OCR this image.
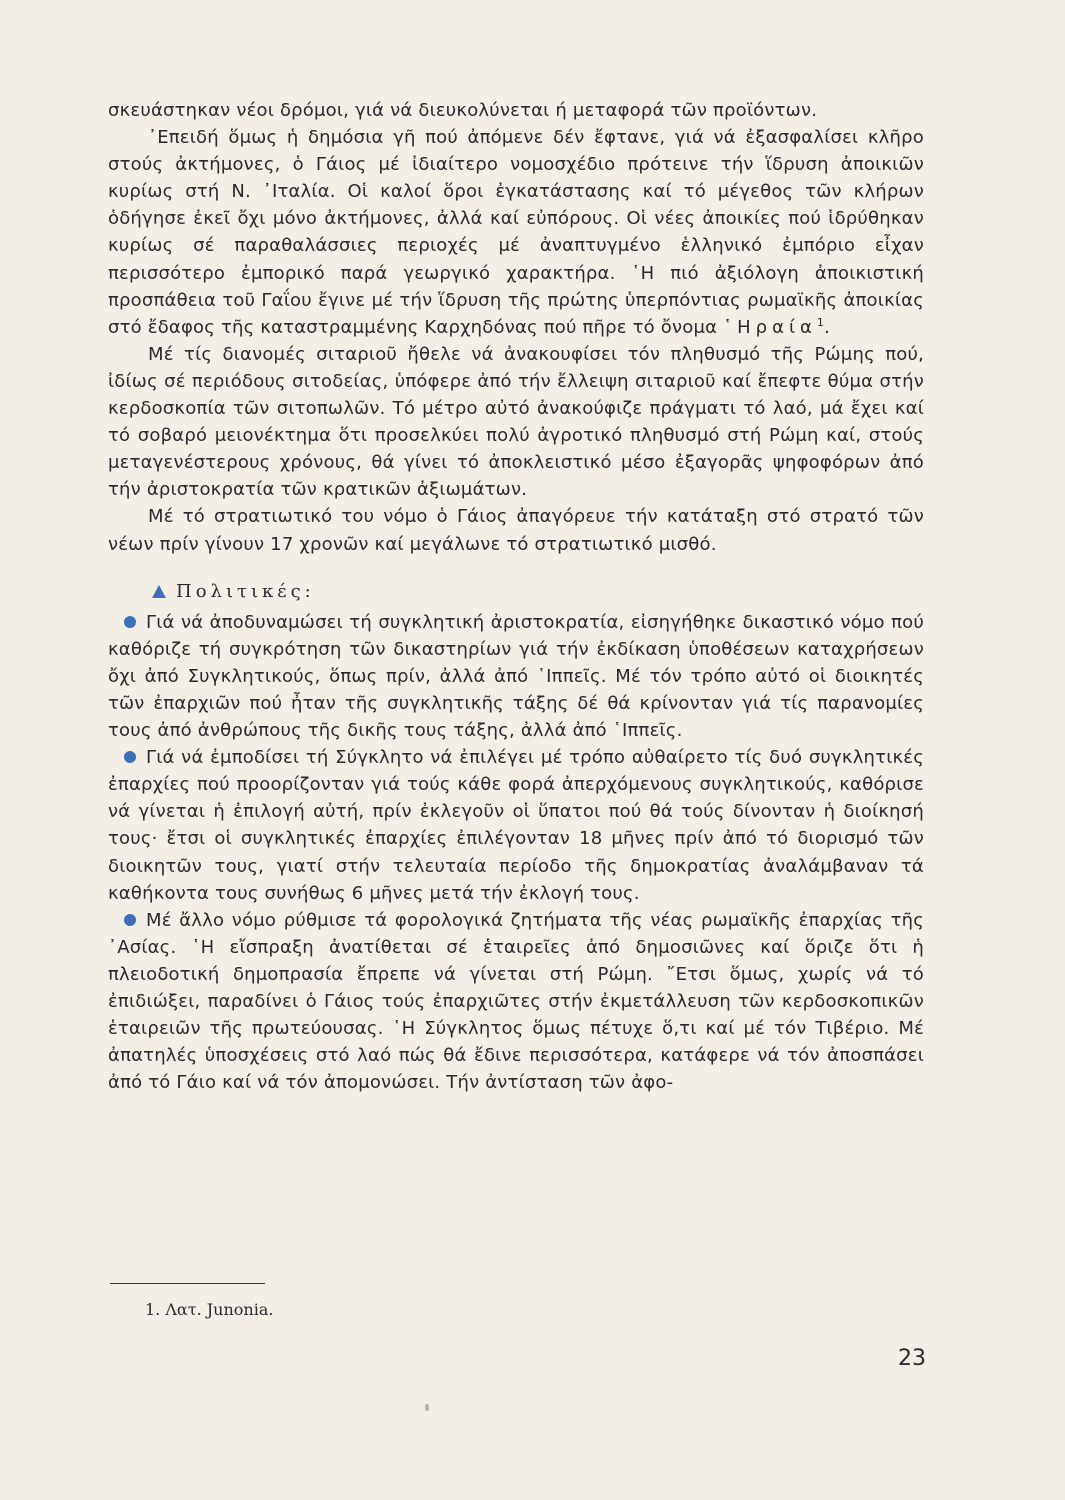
σκευάστηκαν νέοι δρόμοι, γιά νά διευκολύνεται ή μεταφορά τῶν προϊόντων.

᾿Επειδή ὅμως ἡ δημόσια γῆ πού ἀπόμενε δέν ἔφτανε, γιά νά ἐξασφαλίσει κλῆρο στούς ἀκτήμονες, ὁ Γάιος μέ ἰδιαίτερο νομοσχέδιο πρότεινε τήν ἵδρυση ἀποικιῶν κυρίως στή Ν. ᾿Ιταλία. Οἱ καλοί ὅροι ἐγκατάστασης καί τό μέγεθος τῶν κλήρων ὁδήγησε ἐκεῖ ὄχι μόνο ἀκτήμονες, ἀλλά καί εὐπόρους. Οἱ νέες ἀποικίες πού ἱδρύθηκαν κυρίως σέ παραθαλάσσιες περιοχές μέ ἀναπτυγμένο ἑλληνικό ἐμπόριο εἶχαν περισσότερο ἐμπορικό παρά γεωργικό χαρακτήρα. ῾Η πιό ἀξιόλογη ἀποικιστική προσπάθεια τοῦ Γαΐου ἔγινε μέ τήν ἵδρυση τῆς πρώτης ὑπερπόντιας ρωμαϊκῆς ἀποικίας στό ἔδαφος τῆς καταστραμμένης Καρχηδόνας πού πῆρε τό ὄνομα ῾Ηραία$^1$.

Μέ τίς διανομές σιταριοῦ ἤθελε νά ἀνακουφίσει τόν πληθυσμό τῆς Ρώμης πού, ἰδίως σέ περιόδους σιτοδείας, ὑπόφερε ἀπό τήν ἔλλειψη σιταριοῦ καί ἔπεφτε θύμα στήν κερδοσκοπία τῶν σιτοπωλῶν. Τό μέτρο αὐτό ἀνακούφιζε πράγματι τό λαό, μά ἔχει καί τό σοβαρό μειονέκτημα ὅτι προσελκύει πολύ ἀγροτικό πληθυσμό στή Ρώμη καί, στούς μεταγενέστερους χρόνους, θά γίνει τό ἀποκλειστικό μέσο ἐξαγορᾶς ψηφοφόρων ἀπό τήν ἀριστοκρατία τῶν κρατικῶν ἀξιωμάτων.

Μέ τό στρατιωτικό του νόμο ὁ Γάιος ἀπαγόρευε τήν κατάταξη στό στρατό τῶν νέων πρίν γίνουν 17 χρονῶν καί μεγάλωνε τό στρατιωτικό μισθό.

Πολιτικές:

Γιά νά ἀποδυναμώσει τή συγκλητική ἀριστοκρατία, εἰσηγήθηκε δικαστικό νόμο πού καθόριζε τή συγκρότηση τῶν δικαστηρίων γιά τήν ἐκδίκαση ὑποθέσεων καταχρήσεων ὄχι ἀπό Συγκλητικούς, ὅπως πρίν, ἀλλά ἀπό ῾Ιππεῖς. Μέ τόν τρόπο αὐτό οἱ διοικητές τῶν ἐπαρχιῶν πού ἦταν τῆς συγκλητικῆς τάξης δέ θά κρίνονταν γιά τίς παρανομίες τους ἀπό ἀνθρώπους τῆς δικῆς τους τάξης, ἀλλά ἀπό ῾Ιππεῖς.

Γιά νά ἐμποδίσει τή Σύγκλητο νά ἐπιλέγει μέ τρόπο αὐθαίρετο τίς δυό συγκλητικές ἐπαρχίες πού προορίζονταν γιά τούς κάθε φορά ἀπερχόμενους συγκλητικούς, καθόρισε νά γίνεται ἡ ἐπιλογή αὐτή, πρίν ἐκλεγοῦν οἱ ὕπατοι πού θά τούς δίνονταν ἡ διοίκησή τους· ἔτσι οἱ συγκλητικές ἐπαρχίες ἐπιλέγονταν 18 μῆνες πρίν ἀπό τό διορισμό τῶν διοικητῶν τους, γιατί στήν τελευταία περίοδο τῆς δημοκρατίας ἀναλάμβαναν τά καθήκοντα τους συνήθως 6 μῆνες μετά τήν ἐκλογή τους.

Μέ ἄλλο νόμο ρύθμισε τά φορολογικά ζητήματα τῆς νέας ρωμαϊκῆς ἐπαρχίας τῆς ᾿Ασίας. ῾Η εἴσπραξη ἀνατίθεται σέ ἑταιρεῖες ἀπό δημοσιῶνες καί ὅριζε ὅτι ἡ πλειοδοτική δημοπρασία ἔπρεπε νά γίνεται στή Ρώμη. ῎Ετσι ὅμως, χωρίς νά τό ἐπιδιώξει, παραδίνει ὁ Γάιος τούς ἐπαρχιῶτες στήν ἐκμετάλλευση τῶν κερδοσκοπικῶν ἑταιρειῶν τῆς πρωτεύουσας. ῾Η Σύγκλητος ὅμως πέτυχε ὅ,τι καί μέ τόν Τιβέριο. Μέ ἀπατηλές ὑποσχέσεις στό λαό πώς θά ἔδινε περισσότερα, κατάφερε νά τόν ἀποσπάσει ἀπό τό Γάιο καί νά τόν ἀπομονώσει. Τήν ἀντίσταση τῶν ἀφο-

1. Λατ. Junonia.
23
